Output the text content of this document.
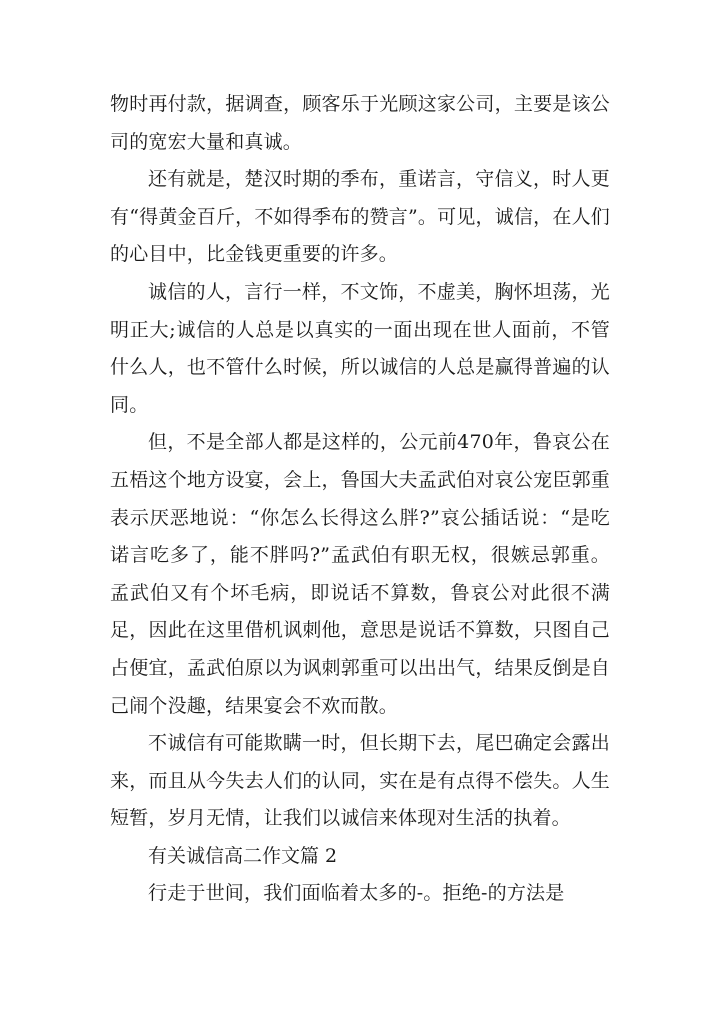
物时再付款，据调查，顾客乐于光顾这家公司，主要是该公司的宽宏大量和真诚。

还有就是，楚汉时期的季布，重诺言，守信义，时人更有“得黄金百斤，不如得季布的赞言”。可见，诚信，在人们的心目中，比金钱更重要的许多。

诚信的人，言行一样，不文饰，不虚美，胸怀坦荡，光明正大;诚信的人总是以真实的一面出现在世人面前，不管什么人，也不管什么时候，所以诚信的人总是赢得普遍的认同。

但，不是全部人都是这样的，公元前470年，鲁哀公在五梧这个地方设宴，会上，鲁国大夫孟武伯对哀公宠臣郭重表示厌恶地说：“你怎么长得这么胖?”哀公插话说：“是吃诺言吃多了，能不胖吗?”孟武伯有职无权，很嫉忌郭重。孟武伯又有个坏毛病，即说话不算数，鲁哀公对此很不满足，因此在这里借机讽刺他，意思是说话不算数，只图自己占便宜，孟武伯原以为讽刺郭重可以出出气，结果反倒是自己闹个没趣，结果宴会不欢而散。

不诚信有可能欺瞒一时，但长期下去，尾巴确定会露出来，而且从今失去人们的认同，实在是有点得不偿失。人生短暂，岁月无情，让我们以诚信来体现对生活的执着。

有关诚信高二作文篇 2

行走于世间，我们面临着太多的-。拒绝-的方法是
